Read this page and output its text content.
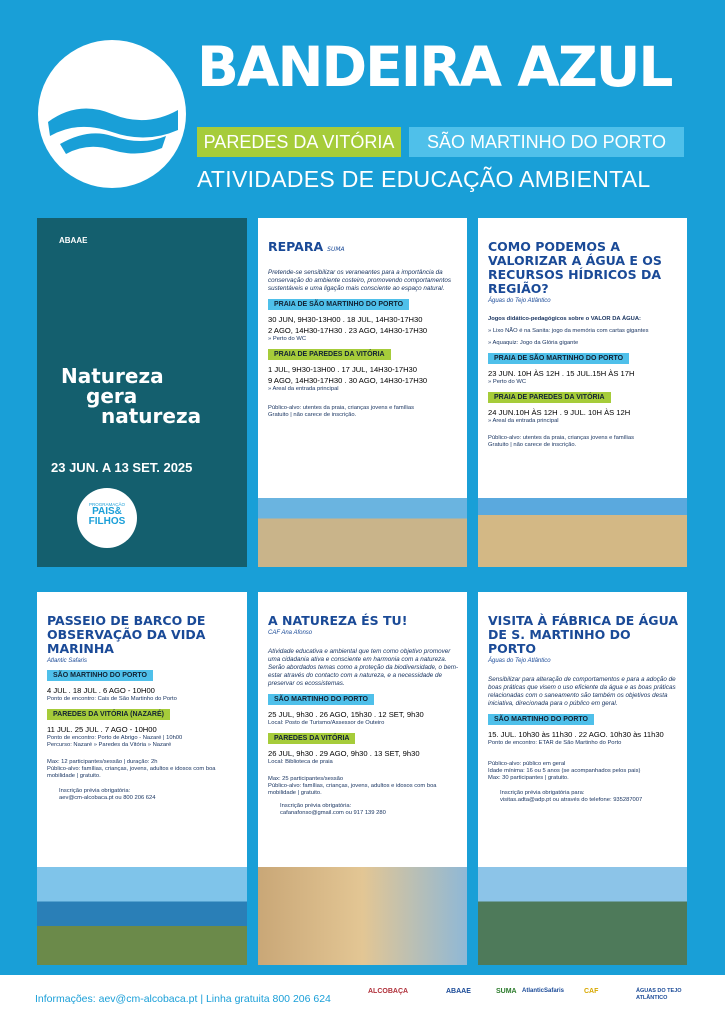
BANDEIRA AZUL
PAREDES DA VITÓRIA	SÃO MARTINHO DO PORTO
ATIVIDADES DE EDUCAÇÃO AMBIENTAL
ABAAE
Natureza
gera
natureza
23 JUN. A 13 SET. 2025
PROGRAMAÇÃO
PAIS&
FILHOS
REPARA SUMA
Pretende-se sensibilizar os veraneantes para a importância da conservação do ambiente costeiro, promovendo comportamentos sustentáveis e uma ligação mais consciente ao espaço natural.
PRAIA DE SÃO MARTINHO DO PORTO
30 JUN, 9H30-13H00 . 18 JUL, 14H30-17H30
2 AGO, 14H30-17H30 . 23 AGO, 14H30-17H30
» Perto do WC
PRAIA DE PAREDES DA VITÓRIA
1 JUL, 9H30-13H00 . 17 JUL, 14H30-17H30
9 AGO, 14H30-17H30 . 30 AGO, 14H30-17H30
» Areal da entrada principal
Público-alvo: utentes da praia, crianças jovens e famílias
Gratuito | não carece de inscrição.
COMO PODEMOS A VALORIZAR A ÁGUA E OS RECURSOS HÍDRICOS DA REGIÃO?
Águas do Tejo Atlântico
Jogos didático-pedagógicos sobre o VALOR DA ÁGUA:
» Lixo NÃO é na Sanita: jogo da memória com cartas gigantes
» Aquaquiz: Jogo da Glória gigante
PRAIA DE SÃO MARTINHO DO PORTO
23 JUN. 10H ÀS 12H . 15 JUL.15H ÀS 17H
» Perto do WC
PRAIA DE PAREDES DA VITÓRIA
24 JUN.10H ÀS 12H . 9 JUL. 10H ÀS 12H
» Areal da entrada principal
Público-alvo: utentes da praia, crianças jovens e famílias
Gratuito | não carece de inscrição.
PASSEIO DE BARCO DE OBSERVAÇÃO DA VIDA MARINHA
Atlantic Safaris
SÃO MARTINHO DO PORTO
4 JUL . 18 JUL . 6 AGO - 10H00
Ponto de encontro: Cais de São Martinho do Porto
PAREDES DA VITÓRIA (NAZARÉ)
11 JUL. 25 JUL . 7 AGO - 10H00
Ponto de encontro: Porto de Abrigo - Nazaré | 10h00
Percurso: Nazaré » Paredes da Vitória » Nazaré
Max: 12 participantes/sessão | duração: 2h
Público-alvo: famílias, crianças, jovens, adultos e idosos com boa mobilidade | gratuito.
Inscrição prévia obrigatória:
aev@cm-alcobaca.pt ou 800 206 624
A NATUREZA ÉS TU!
CAF Ana Afonso
Atividade educativa e ambiental que tem como objetivo promover uma cidadania ativa e consciente em harmonia com a natureza. Serão abordados temas como a proteção da biodiversidade, o bem-estar através do contacto com a natureza, e a necessidade de preservar os ecossistemas.
SÃO MARTINHO DO PORTO
25 JUL, 9h30 . 26 AGO, 15h30 . 12 SET, 9h30
Local: Posto de Turismo/Assessor de Outeiro
PAREDES DA VITÓRIA
26 JUL, 9h30 . 29 AGO, 9h30 . 13 SET, 9h30
Local: Biblioteca de praia
Max: 25 participantes/sessão
Público-alvo: famílias, crianças, jovens, adultos e idosos com boa mobilidade | gratuito.
Inscrição prévia obrigatória:
cafanafonso@gmail.com ou 917 139 280
VISITA À FÁBRICA DE ÁGUA DE S. MARTINHO DO PORTO
Águas do Tejo Atlântico
Sensibilizar para alteração de comportamentos e para a adoção de boas práticas que visem o uso eficiente da água e as boas práticas relacionadas com o saneamento são também os objetivos desta iniciativa, direcionada para o público em geral.
SÃO MARTINHO DO PORTO
15. JUL. 10h30 às 11h30 . 22 AGO. 10h30 às 11h30
Ponto de encontro: ETAR de São Martinho do Porto
Público-alvo: público em geral
Idade mínima: 16 ou 5 anos (se acompanhados pelos pais)
Max: 30 participantes | gratuito.
Inscrição prévia obrigatória para:
visitas.adta@adp.pt ou através do telefone: 935287007
Informações: aev@cm-alcobaca.pt | Linha gratuita 800 206 624
ALCOBAÇA	ABAAE	SUMA AtlanticSafaris	CAF	ÁGUAS DO TEJO ATLÂNTICO
